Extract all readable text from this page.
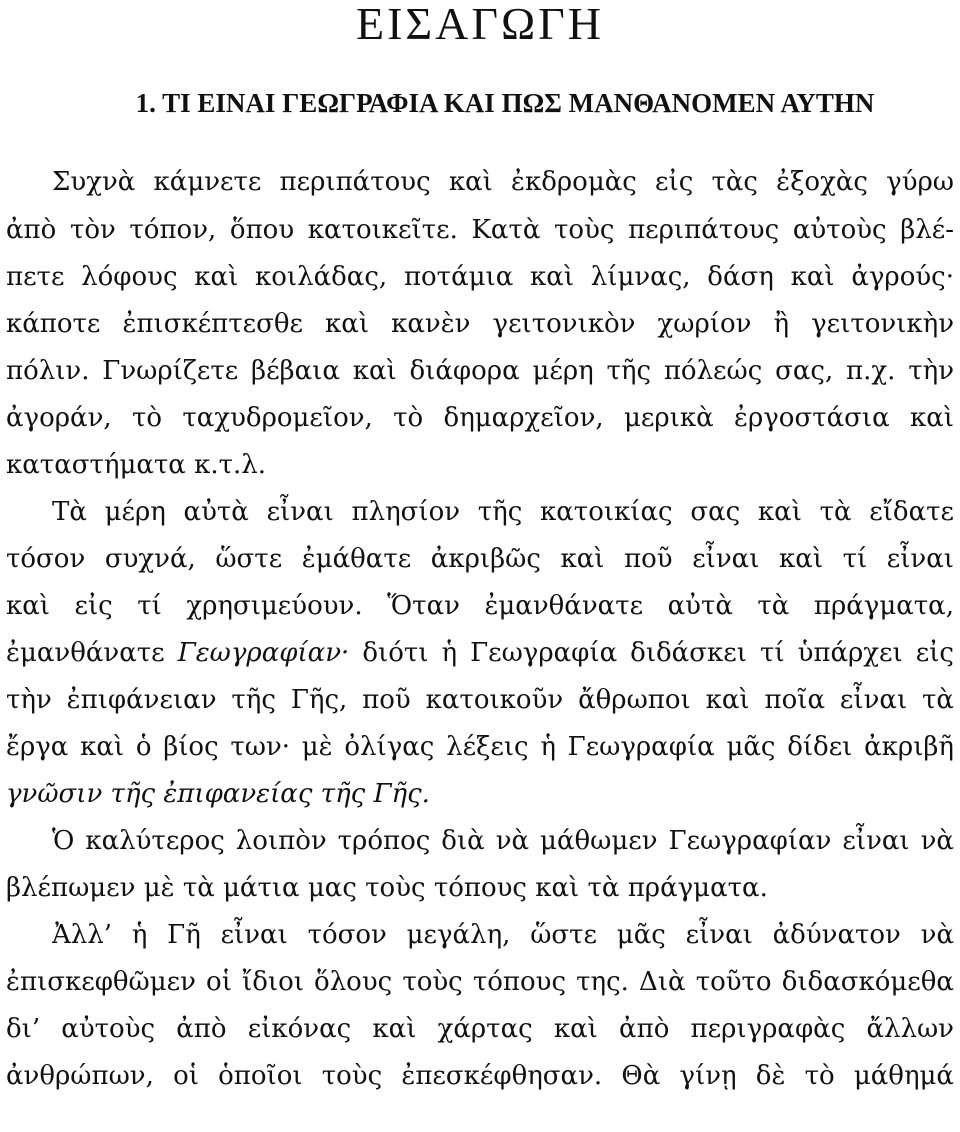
ΕΙΣΑΓΩΓΗ
1. ΤΙ ΕΙΝΑΙ ΓΕΩΓΡΑΦΙΑ ΚΑΙ ΠΩΣ ΜΑΝΘΑΝΟΜΕΝ ΑΥΤΗΝ
Συχνὰ κάμνετε περιπάτους καὶ ἐκδρομὰς εἰς τὰς ἐξοχὰς γύρω
ἀπὸ τὸν τόπον, ὅπου κατοικεῖτε. Κατὰ τοὺς περιπάτους αὐτοὺς βλέ-
πετε λόφους καὶ κοιλάδας, ποτάμια καὶ λίμνας, δάση καὶ ἀγρούς·
κάποτε ἐπισκέπτεσθε καὶ κανὲν γειτονικὸν χωρίον ἢ γειτονικὴν
πόλιν. Γνωρίζετε βέβαια καὶ διάφορα μέρη τῆς πόλεώς σας, π.χ. τὴν
ἀγοράν, τὸ ταχυδρομεῖον, τὸ δημαρχεῖον, μερικὰ ἐργοστάσια καὶ
καταστήματα κ.τ.λ.
Τὰ μέρη αὐτὰ εἶναι πλησίον τῆς κατοικίας σας καὶ τὰ εἴδατε
τόσον συχνά, ὥστε ἐμάθατε ἀκριβῶς καὶ ποῦ εἶναι καὶ τί εἶναι
καὶ εἰς τί χρησιμεύουν. Ὅταν ἐμανθάνατε αὐτὰ τὰ πράγματα,
ἐμανθάνατε Γεωγραφίαν· διότι ἡ Γεωγραφία διδάσκει τί ὑπάρχει εἰς
τὴν ἐπιφάνειαν τῆς Γῆς, ποῦ κατοικοῦν ἄθρωποι καὶ ποῖα εἶναι τὰ
ἔργα καὶ ὁ βίος των· μὲ ὀλίγας λέξεις ἡ Γεωγραφία μᾶς δίδει ἀκριβῆ
γνῶσιν τῆς ἐπιφανείας τῆς Γῆς.
Ὁ καλύτερος λοιπὸν τρόπος διὰ νὰ μάθωμεν Γεωγραφίαν εἶναι νὰ
βλέπωμεν μὲ τὰ μάτια μας τοὺς τόπους καὶ τὰ πράγματα.
Ἀλλ’ ἡ Γῆ εἶναι τόσον μεγάλη, ὥστε μᾶς εἶναι ἀδύνατον νὰ
ἐπισκεφθῶμεν οἱ ἴδιοι ὅλους τοὺς τόπους της. Διὰ τοῦτο διδασκόμεθα
δι’ αὐτοὺς ἀπὸ εἰκόνας καὶ χάρτας καὶ ἀπὸ περιγραφὰς ἄλλων
ἀνθρώπων, οἱ ὁποῖοι τοὺς ἐπεσκέφθησαν. Θὰ γίνῃ δὲ τὸ μάθημά
